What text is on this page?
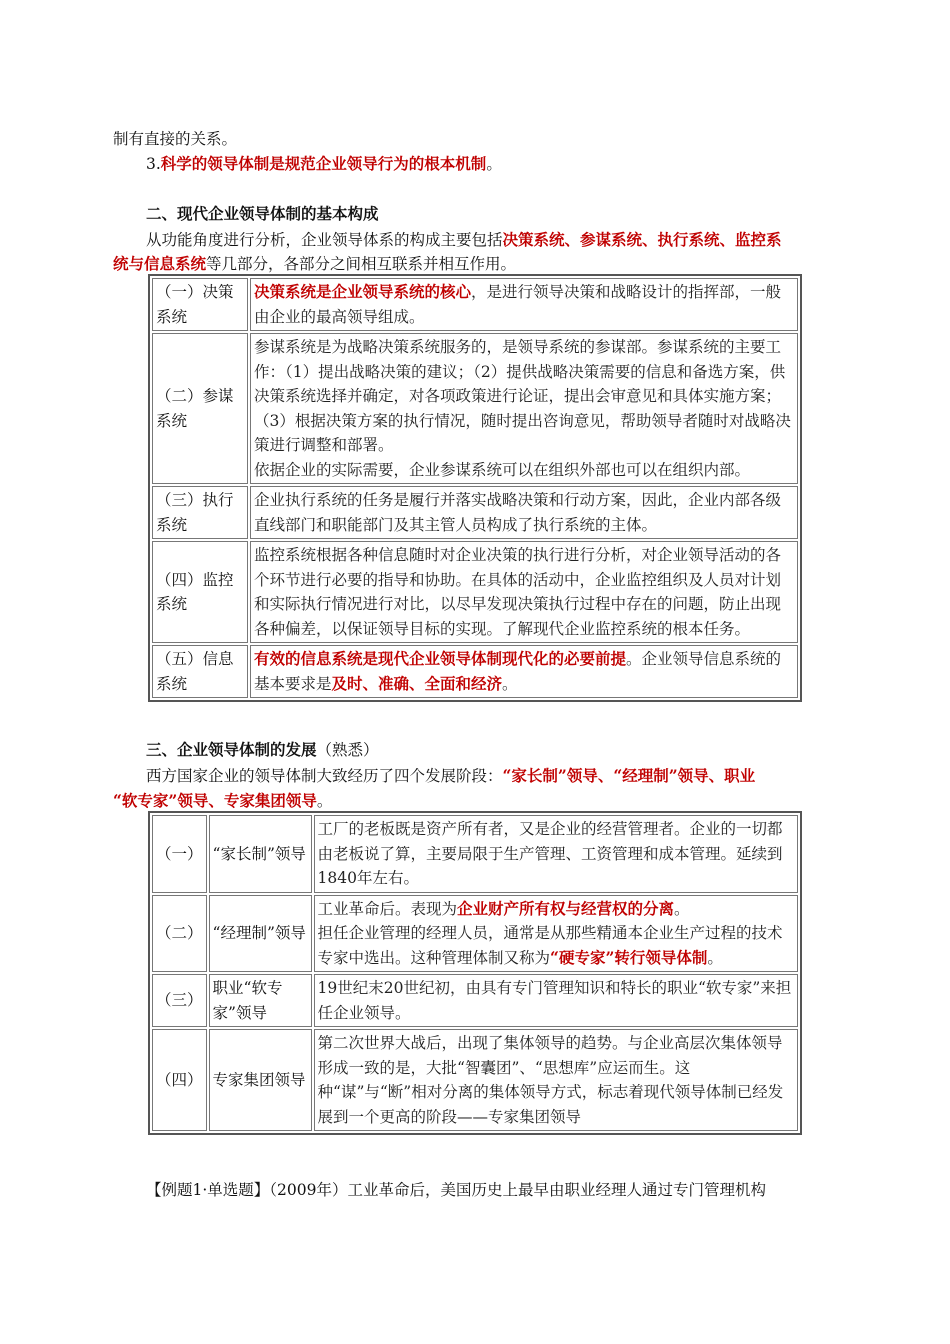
制有直接的关系。
3.科学的领导体制是规范企业领导行为的根本机制。
二、现代企业领导体制的基本构成
从功能角度进行分析，企业领导体系的构成主要包括决策系统、参谋系统、执行系统、监控系
统与信息系统等几部分，各部分之间相互联系并相互作用。
（一）决策系统	决策系统是企业领导系统的核心，是进行领导决策和战略设计的指挥部，一般由企业的最高领导组成。
（二）参谋系统	参谋系统是为战略决策系统服务的，是领导系统的参谋部。参谋系统的主要工作：（1）提出战略决策的建议；（2）提供战略决策需要的信息和备选方案，供决策系统选择并确定，对各项政策进行论证，提出会审意见和具体实施方案；（3）根据决策方案的执行情况，随时提出咨询意见，帮助领导者随时对战略决策进行调整和部署。
依据企业的实际需要，企业参谋系统可以在组织外部也可以在组织内部。

（三）执行系统	企业执行系统的任务是履行并落实战略决策和行动方案，因此，企业内部各级直线部门和职能部门及其主管人员构成了执行系统的主体。
（四）监控系统	监控系统根据各种信息随时对企业决策的执行进行分析，对企业领导活动的各个环节进行必要的指导和协助。在具体的活动中，企业监控组织及人员对计划和实际执行情况进行对比，以尽早发现决策执行过程中存在的问题，防止出现各种偏差，以保证领导目标的实现。了解现代企业监控系统的根本任务。
（五）信息系统	有效的信息系统是现代企业领导体制现代化的必要前提。企业领导信息系统的基本要求是及时、准确、全面和经济。
三、企业领导体制的发展（熟悉）
西方国家企业的领导体制大致经历了四个发展阶段：“家长制”领导、“经理制”领导、职业
“软专家”领导、专家集团领导。
（一）	“家长制”领导	工厂的老板既是资产所有者，又是企业的经营管理者。企业的一切都由老板说了算，主要局限于生产管理、工资管理和成本管理。延续到1840年左右。
（二）	“经理制”领导	工业革命后。表现为企业财产所有权与经营权的分离。
担任企业管理的经理人员，通常是从那些精通本企业生产过程的技术专家中选出。这种管理体制又称为“硬专家”转行领导体制。

（三）	职业“软专家”领导	19世纪末20世纪初，由具有专门管理知识和特长的职业“软专家”来担任企业领导。
（四）	专家集团领导	第二次世界大战后，出现了集体领导的趋势。与企业高层次集体领导形成一致的是，大批“智囊团”、“思想库”应运而生。这种“谋”与“断”相对分离的集体领导方式，标志着现代领导体制已经发展到一个更高的阶段——专家集团领导
【例题1·单选题】（2009年）工业革命后，美国历史上最早由职业经理人通过专门管理机构
